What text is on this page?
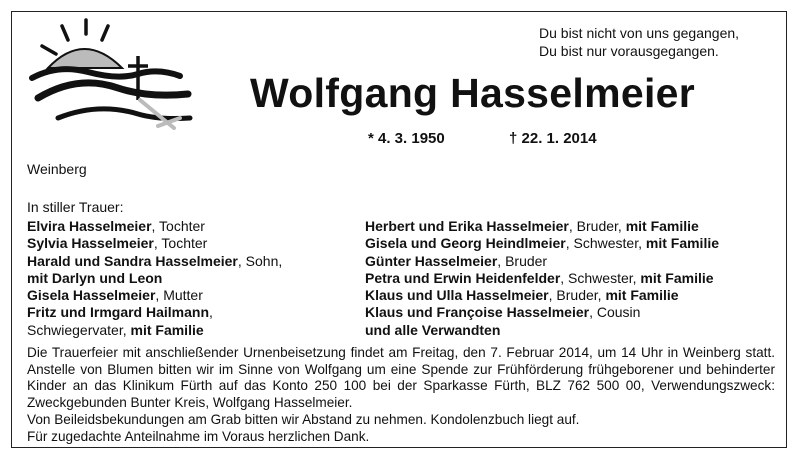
Du bist nicht von uns gegangen,
Du bist nur vorausgegangen.
Wolfgang Hasselmeier
* 4. 3. 1950	† 22. 1. 2014
Weinberg
In stiller Trauer:
Elvira Hasselmeier, Tochter
Sylvia Hasselmeier, Tochter
Harald und Sandra Hasselmeier, Sohn,
mit Darlyn und Leon
Gisela Hasselmeier, Mutter
Fritz und Irmgard Hailmann,
Schwiegervater, mit Familie
Herbert und Erika Hasselmeier, Bruder, mit Familie
Gisela und Georg Heindlmeier, Schwester, mit Familie
Günter Hasselmeier, Bruder
Petra und Erwin Heidenfelder, Schwester, mit Familie
Klaus und Ulla Hasselmeier, Bruder, mit Familie
Klaus und Françoise Hasselmeier, Cousin
und alle Verwandten

Die Trauerfeier mit anschließender Urnenbeisetzung findet am Freitag, den 7. Februar 2014, um 14 Uhr in Weinberg statt. Anstelle von Blumen bitten wir im Sinne von Wolfgang um eine Spende zur Frühförderung frühgeborener und behinderter Kinder an das Klinikum Fürth auf das Konto 250 100 bei der Sparkasse Fürth, BLZ 762 500 00, Verwendungszweck: Zweckgebunden Bunter Kreis, Wolfgang Hasselmeier.

Von Beileidsbekundungen am Grab bitten wir Abstand zu nehmen. Kondolenzbuch liegt auf.

Für zugedachte Anteilnahme im Voraus herzlichen Dank.
